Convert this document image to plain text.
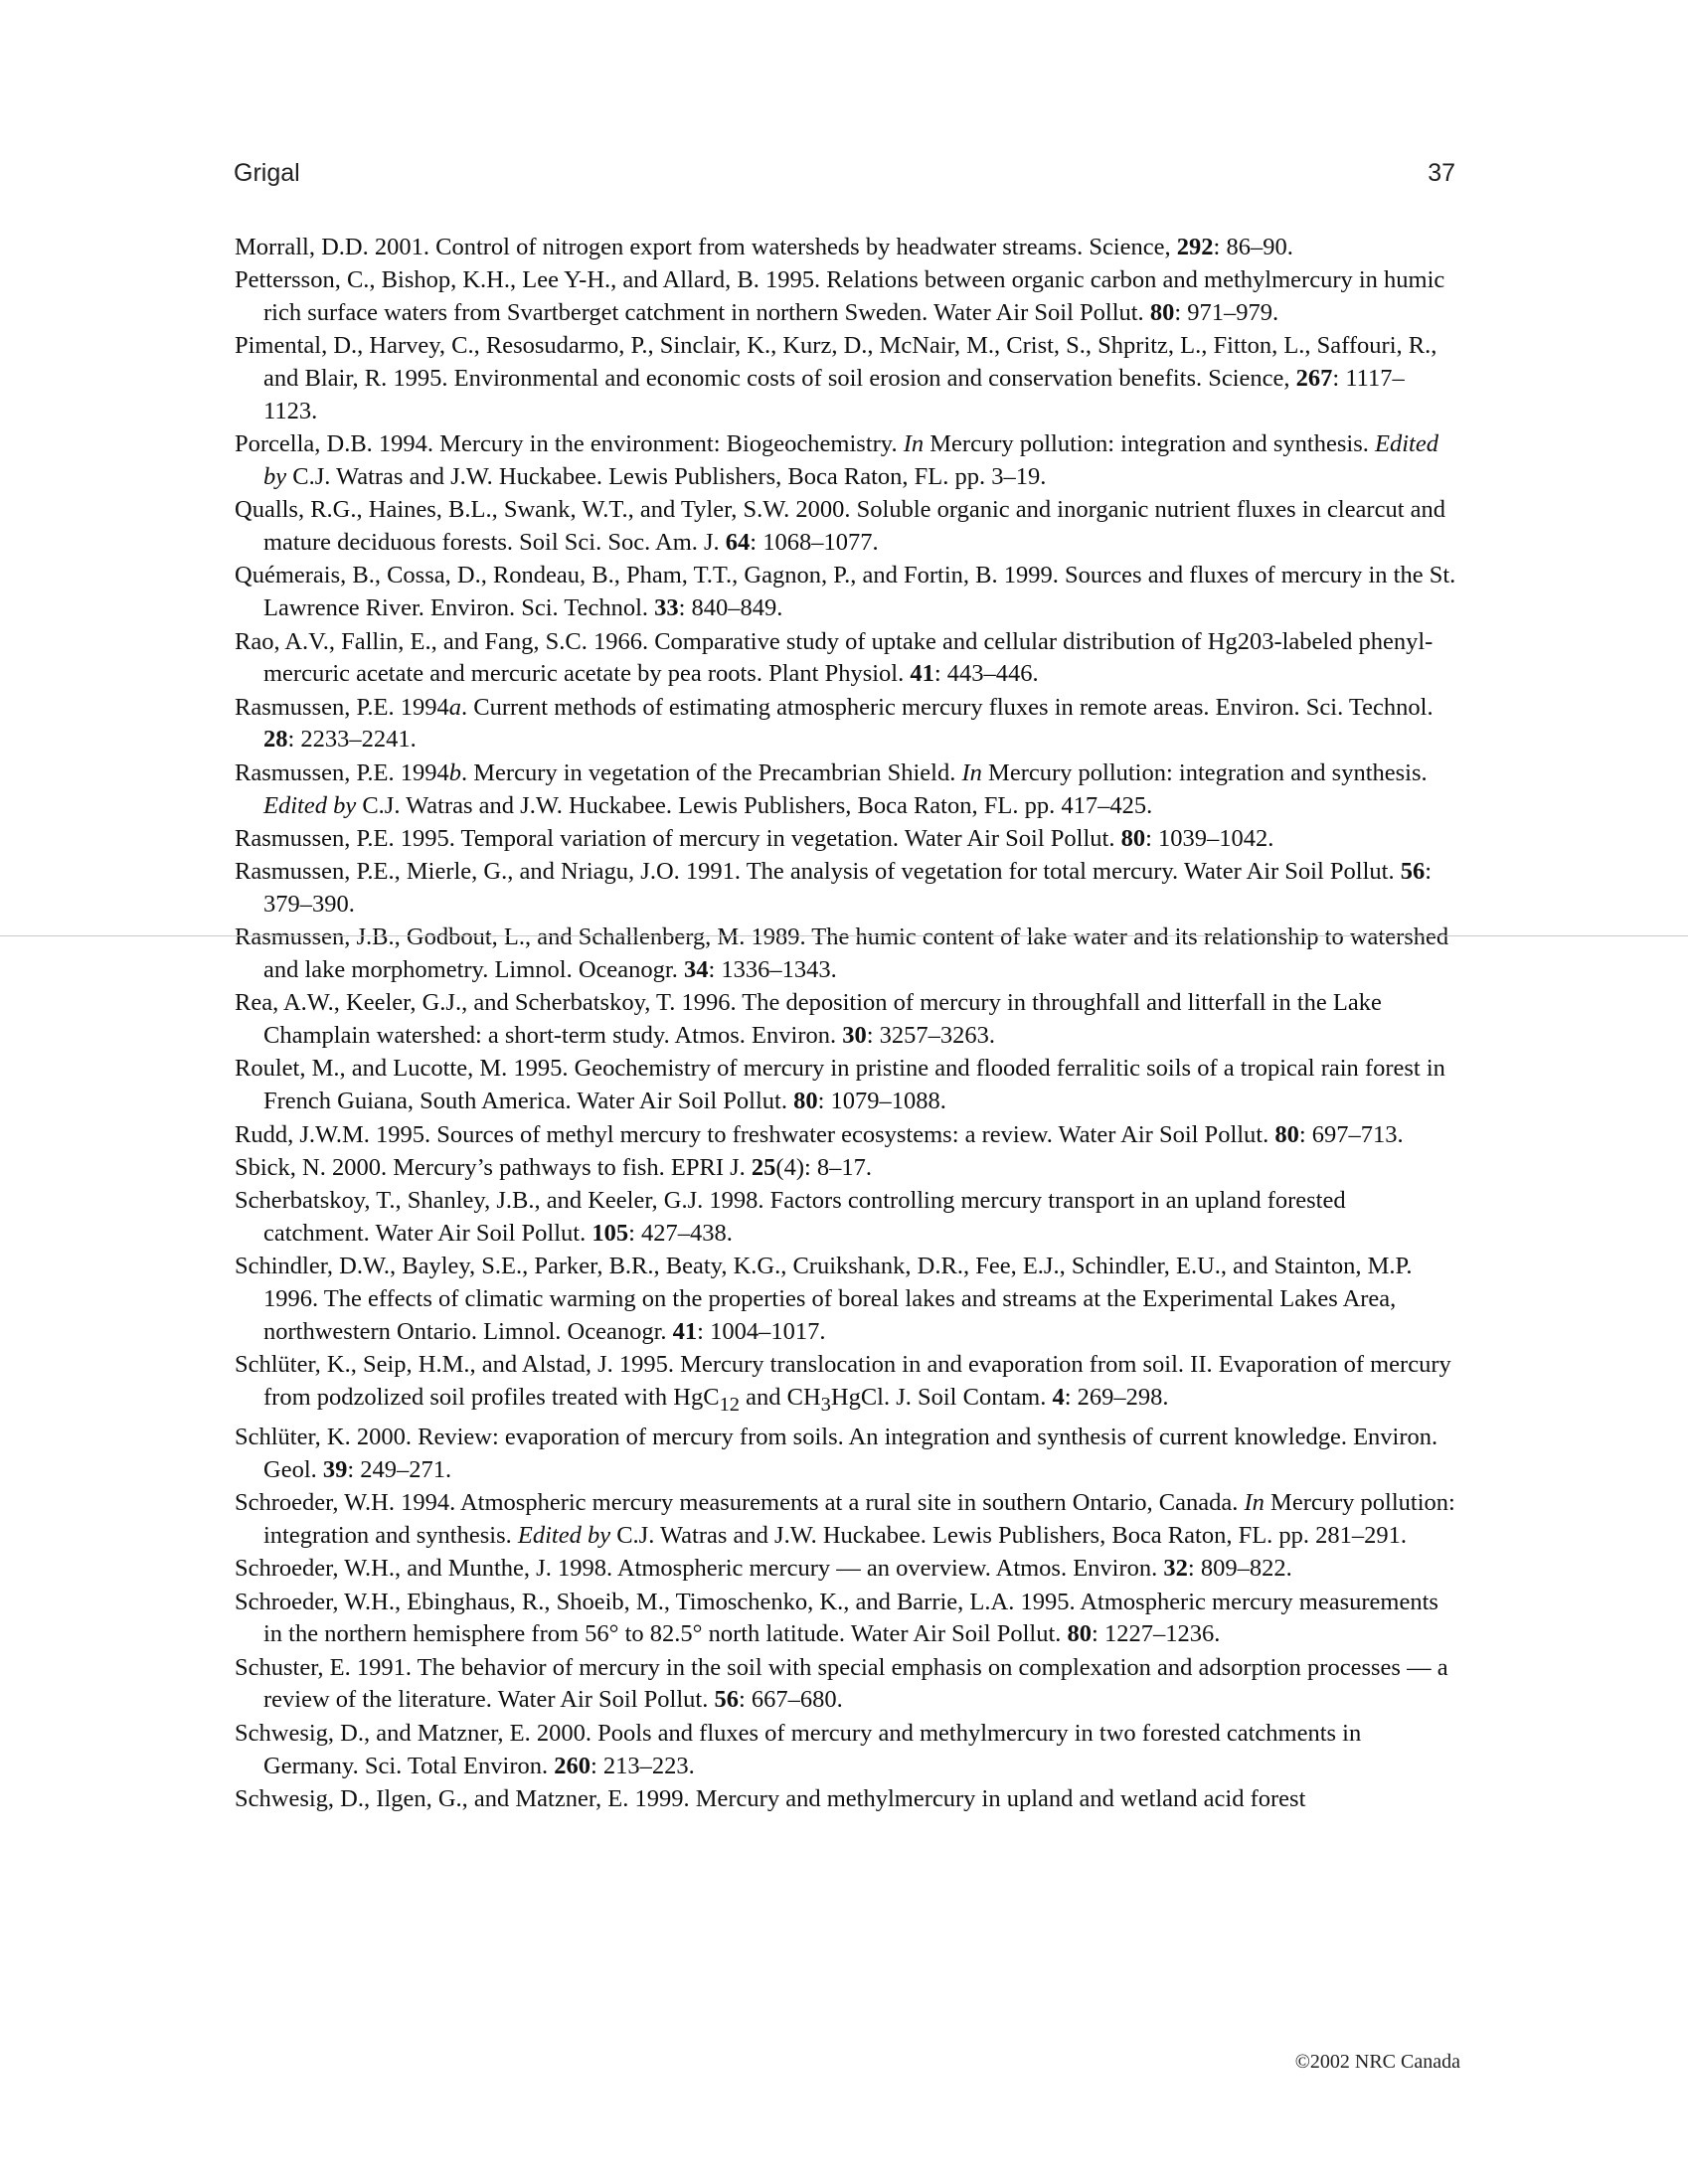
Grigal	37

Morrall, D.D. 2001. Control of nitrogen export from watersheds by headwater streams. Science, 292: 86–90.

Pettersson, C., Bishop, K.H., Lee Y-H., and Allard, B. 1995. Relations between organic carbon and methylmercury in humic rich surface waters from Svartberget catchment in northern Sweden. Water Air Soil Pollut. 80: 971–979.

Pimental, D., Harvey, C., Resosudarmo, P., Sinclair, K., Kurz, D., McNair, M., Crist, S., Shpritz, L., Fitton, L., Saffouri, R., and Blair, R. 1995. Environmental and economic costs of soil erosion and conservation benefits. Science, 267: 1117–1123.

Porcella, D.B. 1994. Mercury in the environment: Biogeochemistry. In Mercury pollution: integration and synthesis. Edited by C.J. Watras and J.W. Huckabee. Lewis Publishers, Boca Raton, FL. pp. 3–19.

Qualls, R.G., Haines, B.L., Swank, W.T., and Tyler, S.W. 2000. Soluble organic and inorganic nutrient fluxes in clearcut and mature deciduous forests. Soil Sci. Soc. Am. J. 64: 1068–1077.

Quémerais, B., Cossa, D., Rondeau, B., Pham, T.T., Gagnon, P., and Fortin, B. 1999. Sources and fluxes of mercury in the St. Lawrence River. Environ. Sci. Technol. 33: 840–849.

Rao, A.V., Fallin, E., and Fang, S.C. 1966. Comparative study of uptake and cellular distribution of Hg203-labeled phenyl-mercuric acetate and mercuric acetate by pea roots. Plant Physiol. 41: 443–446.

Rasmussen, P.E. 1994a. Current methods of estimating atmospheric mercury fluxes in remote areas. Environ. Sci. Technol. 28: 2233–2241.

Rasmussen, P.E. 1994b. Mercury in vegetation of the Precambrian Shield. In Mercury pollution: integration and synthesis. Edited by C.J. Watras and J.W. Huckabee. Lewis Publishers, Boca Raton, FL. pp. 417–425.

Rasmussen, P.E. 1995. Temporal variation of mercury in vegetation. Water Air Soil Pollut. 80: 1039–1042.

Rasmussen, P.E., Mierle, G., and Nriagu, J.O. 1991. The analysis of vegetation for total mercury. Water Air Soil Pollut. 56: 379–390.

Rasmussen, J.B., Godbout, L., and Schallenberg, M. 1989. The humic content of lake water and its relationship to watershed and lake morphometry. Limnol. Oceanogr. 34: 1336–1343.

Rea, A.W., Keeler, G.J., and Scherbatskoy, T. 1996. The deposition of mercury in throughfall and litterfall in the Lake Champlain watershed: a short-term study. Atmos. Environ. 30: 3257–3263.

Roulet, M., and Lucotte, M. 1995. Geochemistry of mercury in pristine and flooded ferralitic soils of a tropical rain forest in French Guiana, South America. Water Air Soil Pollut. 80: 1079–1088.

Rudd, J.W.M. 1995. Sources of methyl mercury to freshwater ecosystems: a review. Water Air Soil Pollut. 80: 697–713.

Sbick, N. 2000. Mercury’s pathways to fish. EPRI J. 25(4): 8–17.

Scherbatskoy, T., Shanley, J.B., and Keeler, G.J. 1998. Factors controlling mercury transport in an upland forested catchment. Water Air Soil Pollut. 105: 427–438.

Schindler, D.W., Bayley, S.E., Parker, B.R., Beaty, K.G., Cruikshank, D.R., Fee, E.J., Schindler, E.U., and Stainton, M.P. 1996. The effects of climatic warming on the properties of boreal lakes and streams at the Experimental Lakes Area, northwestern Ontario. Limnol. Oceanogr. 41: 1004–1017.

Schlüter, K., Seip, H.M., and Alstad, J. 1995. Mercury translocation in and evaporation from soil. II. Evaporation of mercury from podzolized soil profiles treated with HgC$_{12}$ and $CH_3HgCl$. J. Soil Contam. 4: 269–298.

Schlüter, K. 2000. Review: evaporation of mercury from soils. An integration and synthesis of current knowledge. Environ. Geol. 39: 249–271.

Schroeder, W.H. 1994. Atmospheric mercury measurements at a rural site in southern Ontario, Canada. In Mercury pollution: integration and synthesis. Edited by C.J. Watras and J.W. Huckabee. Lewis Publishers, Boca Raton, FL. pp. 281–291.

Schroeder, W.H., and Munthe, J. 1998. Atmospheric mercury — an overview. Atmos. Environ. 32: 809–822.

Schroeder, W.H., Ebinghaus, R., Shoeib, M., Timoschenko, K., and Barrie, L.A. 1995. Atmospheric mercury measurements in the northern hemisphere from 56° to 82.5° north latitude. Water Air Soil Pollut. 80: 1227–1236.

Schuster, E. 1991. The behavior of mercury in the soil with special emphasis on complexation and adsorption processes — a review of the literature. Water Air Soil Pollut. 56: 667–680.

Schwesig, D., and Matzner, E. 2000. Pools and fluxes of mercury and methylmercury in two forested catchments in Germany. Sci. Total Environ. 260: 213–223.

Schwesig, D., Ilgen, G., and Matzner, E. 1999. Mercury and methylmercury in upland and wetland acid forest

©2002 NRC Canada
